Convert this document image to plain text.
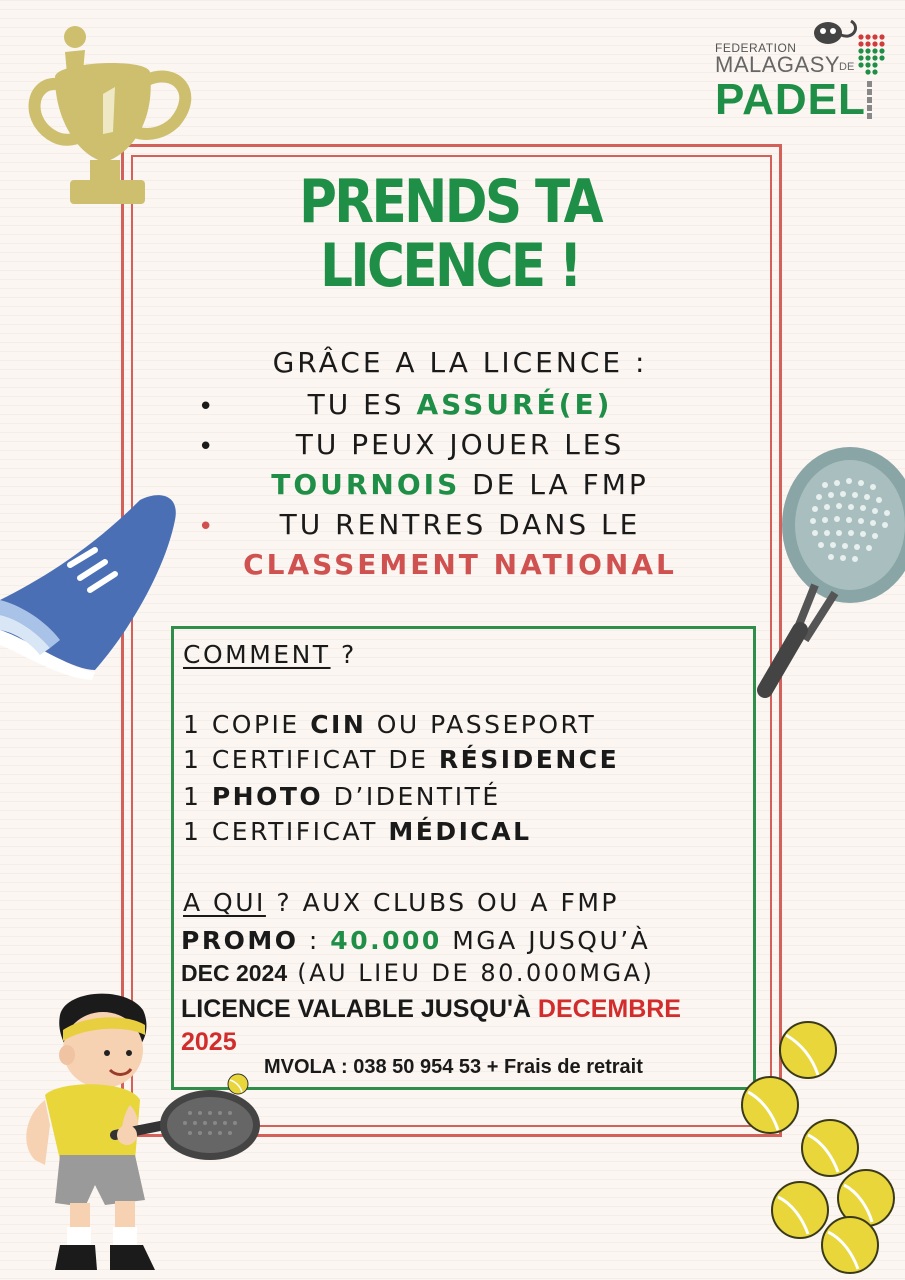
FEDERATION
MALAGASY
DE
PADEL
PRENDS TA
LICENCE !
GRÂCE A LA LICENCE :
•	TU ES ASSURÉ(E)
•	TU PEUX JOUER LES
TOURNOIS DE LA FMP
•	TU RENTRES DANS LE
CLASSEMENT NATIONAL
COMMENT ?
1 COPIE CIN OU PASSEPORT
1 CERTIFICAT DE RÉSIDENCE
1 PHOTO D’IDENTITÉ
1 CERTIFICAT MÉDICAL
A QUI ? AUX CLUBS OU A FMP
PROMO : 40.000 MGA JUSQU’À
DEC 2024 (AU LIEU DE 80.000MGA)
LICENCE VALABLE JUSQU'À DECEMBRE
2025
MVOLA : 038 50 954 53 + Frais de retrait
